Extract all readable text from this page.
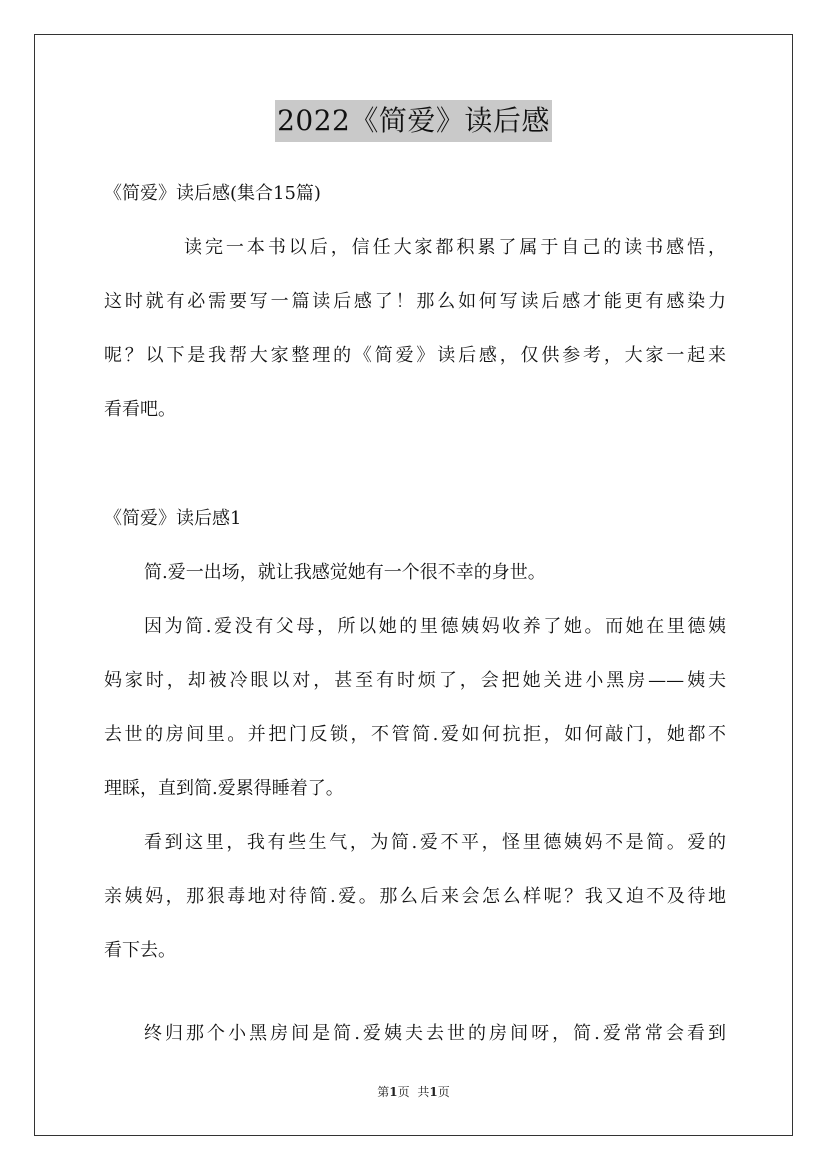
2022《简爱》读后感
《简爱》读后感(集合15篇)
读完一本书以后，信任大家都积累了属于自己的读书感悟，
这时就有必需要写一篇读后感了！那么如何写读后感才能更有感染力
呢？以下是我帮大家整理的《简爱》读后感，仅供参考，大家一起来
看看吧。
《简爱》读后感1
简.爱一出场，就让我感觉她有一个很不幸的身世。
因为简.爱没有父母，所以她的里德姨妈收养了她。而她在里德姨
妈家时，却被冷眼以对，甚至有时烦了，会把她关进小黑房——姨夫
去世的房间里。并把门反锁，不管简.爱如何抗拒，如何敲门，她都不
理睬，直到简.爱累得睡着了。
看到这里，我有些生气，为简.爱不平，怪里德姨妈不是简。爱的
亲姨妈，那狠毒地对待简.爱。那么后来会怎么样呢？我又迫不及待地
看下去。
终归那个小黑房间是简.爱姨夫去世的房间呀，简.爱常常会看到
第1页 共1页
